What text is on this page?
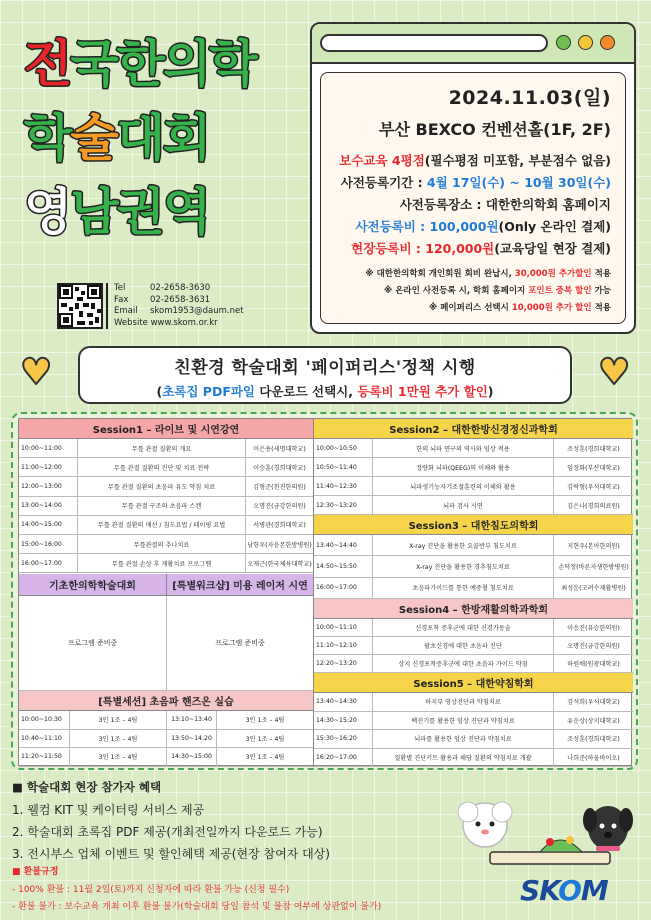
전국한의학
학술대회
영남권역
2024.11.03(일)
부산 BEXCO 컨벤션홀(1F, 2F)
보수교육 4평점(필수평점 미포함, 부분점수 없음)
사전등록기간 : 4월 17일(수) ~ 10월 30일(수)
사전등록장소 : 대한한의학회 홈페이지
사전등록비 : 100,000원(Only 온라인 결제)
현장등록비 : 120,000원(교육당일 현장 결제)
※ 대한한의학회 개인회원 회비 완납시, 30,000원 추가할인 적용
※ 온라인 사전등록 시, 학회 홈페이지 포인트 중복 할인 가능
※ 페이퍼리스 선택시 10,000원 추가 할인 적용
Tel	02-2658-3630
Fax	02-2658-3631
Email skom1953@daum.net
Website www.skom.or.kr
♥	♥
친환경 학술대회 '페이퍼리스'정책 시행
(초록집 PDF파일 다운로드 선택시, 등록비 1만원 추가 할인)
Session1 – 라이브 및 시연강연
10:00~11:00	무릎 관절 질환의 개요	이은용(세명대학교)
11:00~12:00	무릎 관절 질환의 진단 및 치료 전략	이승훈(경희대학교)
12:00~13:00	무릎 관절 질환의 초음파 유도 약침 치료	김형준(천진한의원)
13:00~14:00	무릎 관절 구조의 초음파 스캔	오명진(금강한의원)
14:00~15:00	무릎 관절 질환의 매선 / 침도요법 / 테이핑 요법	서병관(경희대학교)
15:00~16:00	무릎관절의 추나치료	남항우(자윤본한방병원)
16:00~17:00	무릎 관절 손상 후 재활치료 프로그램	오재근(한국체육대학교)
기초한의학학술대회	[특별워크샵] 미용 레이저 시연
프로그램 준비중	프로그램 준비중
[특별세션] 초음파 핸즈온 실습
10:00~10:30	3인 1조 – 4팀	13:10~13:40	3인 1조 – 4팀
10:40~11:10	3인 1조 – 4팀	13:50~14:20	3인 1조 – 4팀
11:20~11:50	3인 1조 – 4팀	14:30~15:00	3인 1조 – 4팀
Session2 – 대한한방신경정신과학회
10:00~10:50	한의 뇌파 연구의 역사와 임상 적용	조성훈(경희대학교)
10:50~11:40	정량화 뇌파(QEEG)의 이해와 활용	임정화(부산대학교)
11:40~12:30	뇌파생기능자기조절훈련의 이해와 활용	김락형(우석대학교)
12:30~13:20	뇌파 검사 시연	김은나(경희의료원)
Session3 – 대한침도의학회
13:40~14:40	X-ray 진단을 활용한 요골반부 침도치료	지현우(본아한의원)
14:50~15:50	X-ray 진단을 활용한 경추침도치료	손덕정(바른자생한방병원)
16:00~17:00	초음파가이드를 통한 예중혈 침도치료	최성운(고려수제활병원)
Session4 – 한방재활의학과학회
10:00~11:10	신경포착 증후군에 대한 신경가동술	이응진(유승한의원)
11:10~12:10	팔초신경에 대한 초음파 진단	오명진(금강한의원)
12:20~13:20	상지 신경포착증후군에 대한 초음파 가이드 약침	하원배(원광대학교)
Session5 – 대한약침학회
13:40~14:30	하지부 영상진단과 약침치료	김석희(우석대학교)
14:30~15:20	백진기를 활용한 임상 진단과 약침치료	유운상(상지대학교)
15:30~16:20	뇌파를 활용한 임상 진단과 약침치료	조성훈(경희대학교)
16:20~17:00	질환별 진단키트 활용과 해당 질환의 약침치료 개괄	나희준(하울바이오)
■ 학술대회 현장 참가자 혜택
1. 웰컴 KIT 및 케이터링 서비스 제공
2. 학술대회 초록집 PDF 제공(개최전일까지 다운로드 가능)
3. 전시부스 업체 이벤트 및 할인혜택 제공(현장 참여자 대상)
■ 환불규정
- 100% 환불 : 11월 2일(토)까지 신청자에 따라 환불 가능 (신청 필수)
- 환불 불가 : 보수교육 개최 이후 환불 불가(학술대회 당일 참석 및 불참 여부에 상관없이 불가)	SKOM
